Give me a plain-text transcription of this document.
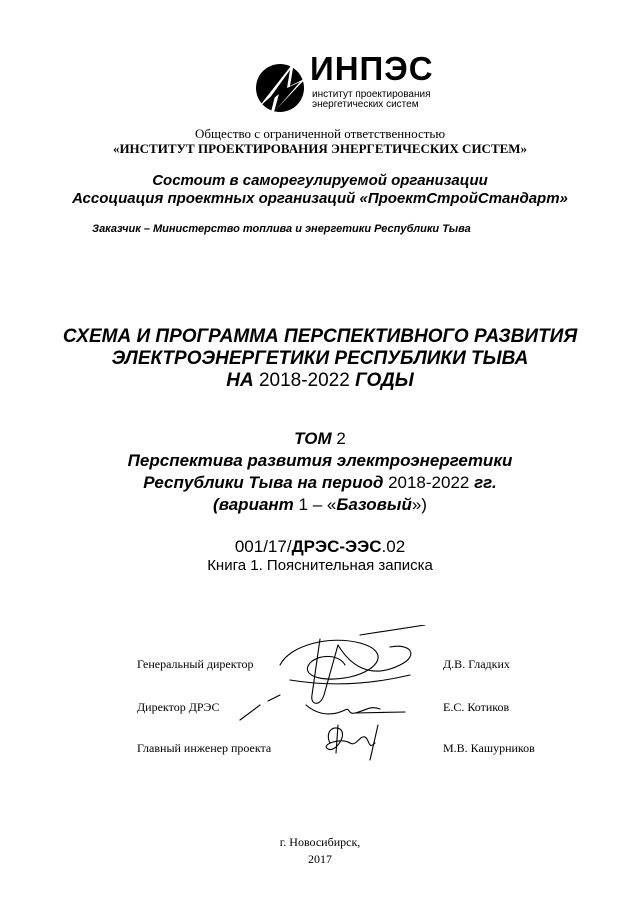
ИНПЭС
институт проектирования
энергетических систем
Общество с ограниченной ответственностью
«ИНСТИТУТ ПРОЕКТИРОВАНИЯ ЭНЕРГЕТИЧЕСКИХ СИСТЕМ»
Состоит в саморегулируемой организации
Ассоциация проектных организаций «ПроектСтройСтандарт»
Заказчик – Министерство топлива и энергетики Республики Тыва
СХЕМА И ПРОГРАММА ПЕРСПЕКТИВНОГО РАЗВИТИЯ
ЭЛЕКТРОЭНЕРГЕТИКИ РЕСПУБЛИКИ ТЫВА
НА 2018-2022 ГОДЫ
ТОМ 2
Перспектива развития электроэнергетики
Республики Тыва на период 2018-2022 гг.
(вариант 1 – «Базовый»)
001/17/ДРЭС-ЭЭС.02
Книга 1. Пояснительная записка
Генеральный директор	Д.В. Гладких
Директор ДРЭС	Е.С. Котиков
Главный инженер проекта	М.В. Кашурников
г. Новосибирск,
2017
